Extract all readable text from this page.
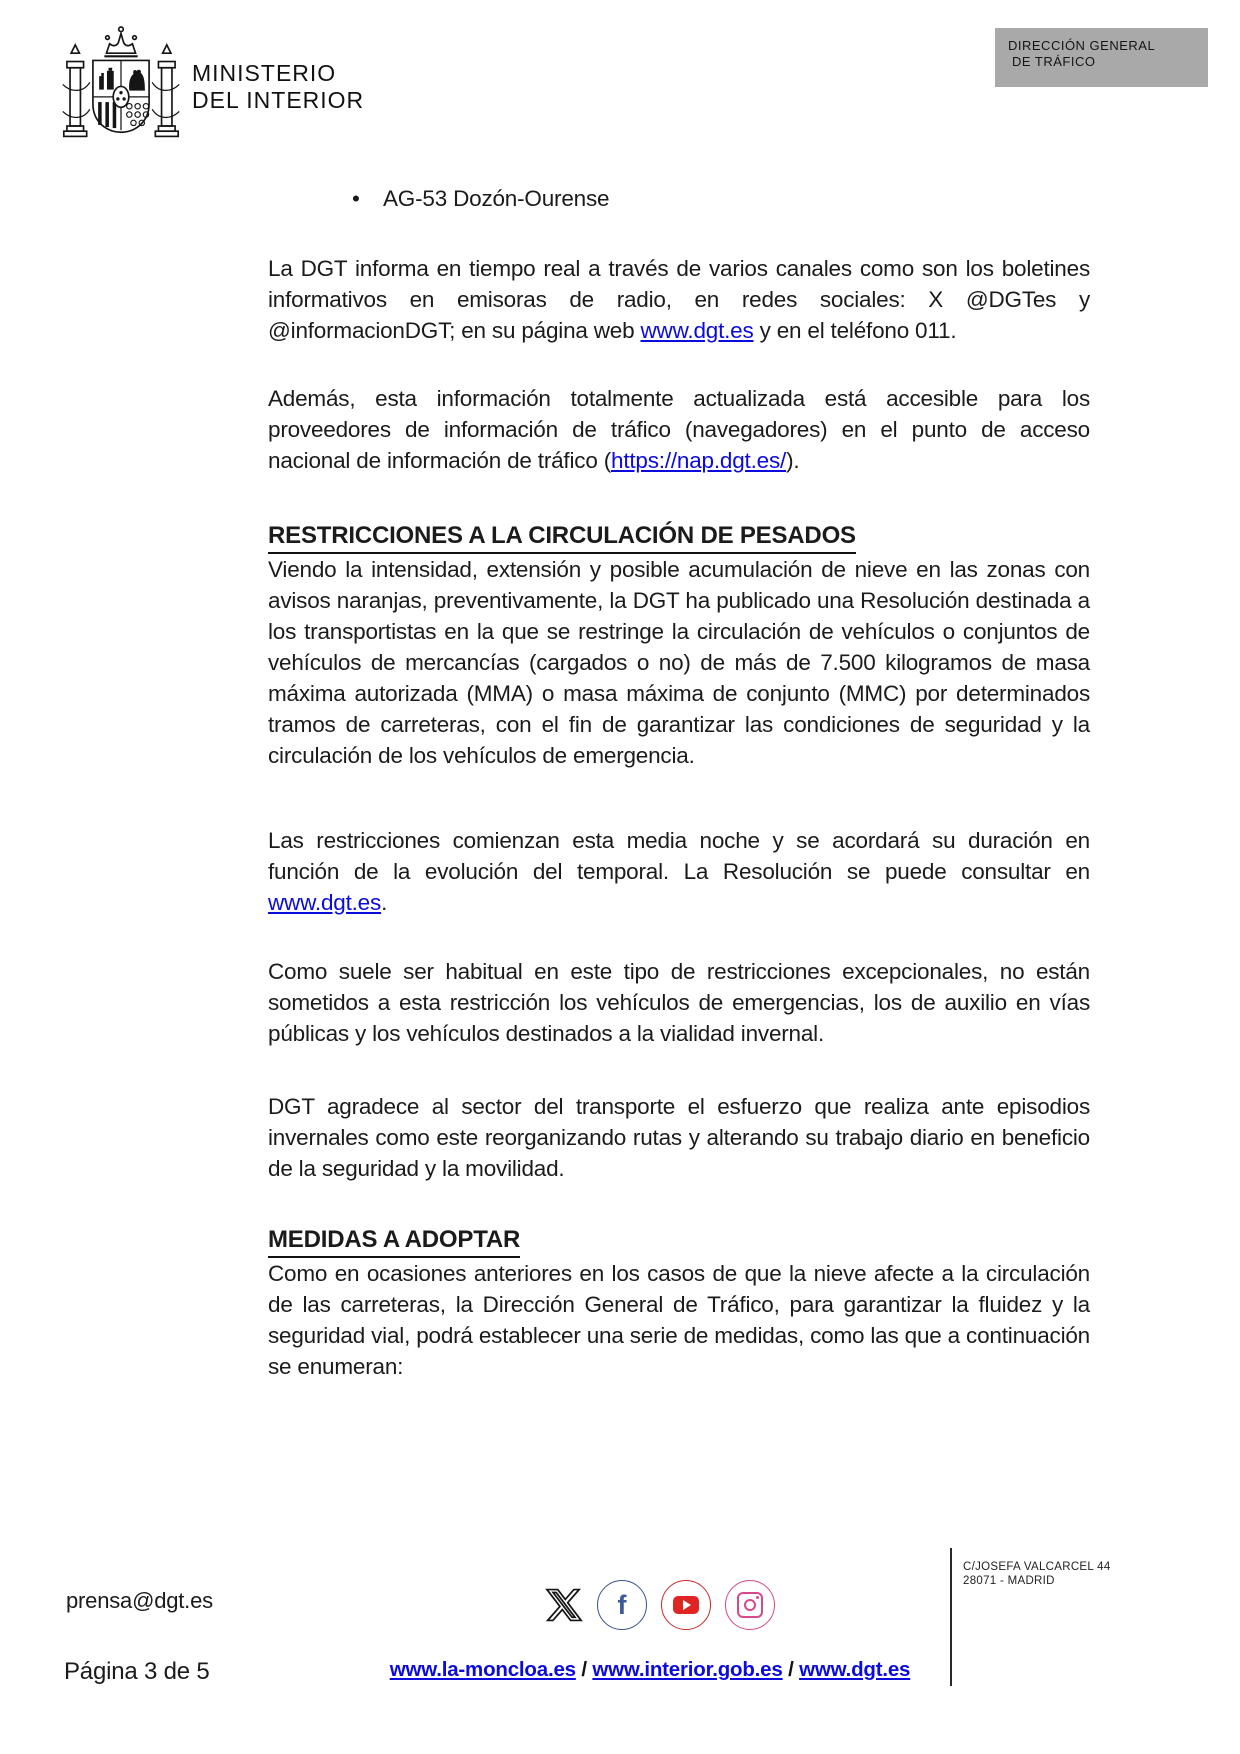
MINISTERIO
DEL INTERIOR
DIRECCIÓN GENERAL
DE TRÁFICO
•	AG-53 Dozón-Ourense

La DGT informa en tiempo real a través de varios canales como son los boletines informativos en emisoras de radio, en redes sociales: X @DGTes y @informacionDGT; en su página web www.dgt.es y en el teléfono 011.

Además, esta información totalmente actualizada está accesible para los proveedores de información de tráfico (navegadores) en el punto de acceso nacional de información de tráfico (https://nap.dgt.es/).

RESTRICCIONES A LA CIRCULACIÓN DE PESADOS

Viendo la intensidad, extensión y posible acumulación de nieve en las zonas con avisos naranjas, preventivamente, la DGT ha publicado una Resolución destinada a los transportistas en la que se restringe la circulación de vehículos o conjuntos de vehículos de mercancías (cargados o no) de más de 7.500 kilogramos de masa máxima autorizada (MMA) o masa máxima de conjunto (MMC) por determinados tramos de carreteras, con el fin de garantizar las condiciones de seguridad y la circulación de los vehículos de emergencia.

Las restricciones comienzan esta media noche y se acordará su duración en función de la evolución del temporal. La Resolución se puede consultar en www.dgt.es.

Como suele ser habitual en este tipo de restricciones excepcionales, no están sometidos a esta restricción los vehículos de emergencias, los de auxilio en vías públicas y los vehículos destinados a la vialidad invernal.

DGT agradece al sector del transporte el esfuerzo que realiza ante episodios invernales como este reorganizando rutas y alterando su trabajo diario en beneficio de la seguridad y la movilidad.

MEDIDAS A ADOPTAR

Como en ocasiones anteriores en los casos de que la nieve afecte a la circulación de las carreteras, la Dirección General de Tráfico, para garantizar la fluidez y la seguridad vial, podrá establecer una serie de medidas, como las que a continuación se enumeran:

prensa@dgt.es
Página 3 de 5
f
www.la-moncloa.es / www.interior.gob.es / www.dgt.es
C/JOSEFA VALCARCEL 44
28071 - MADRID
